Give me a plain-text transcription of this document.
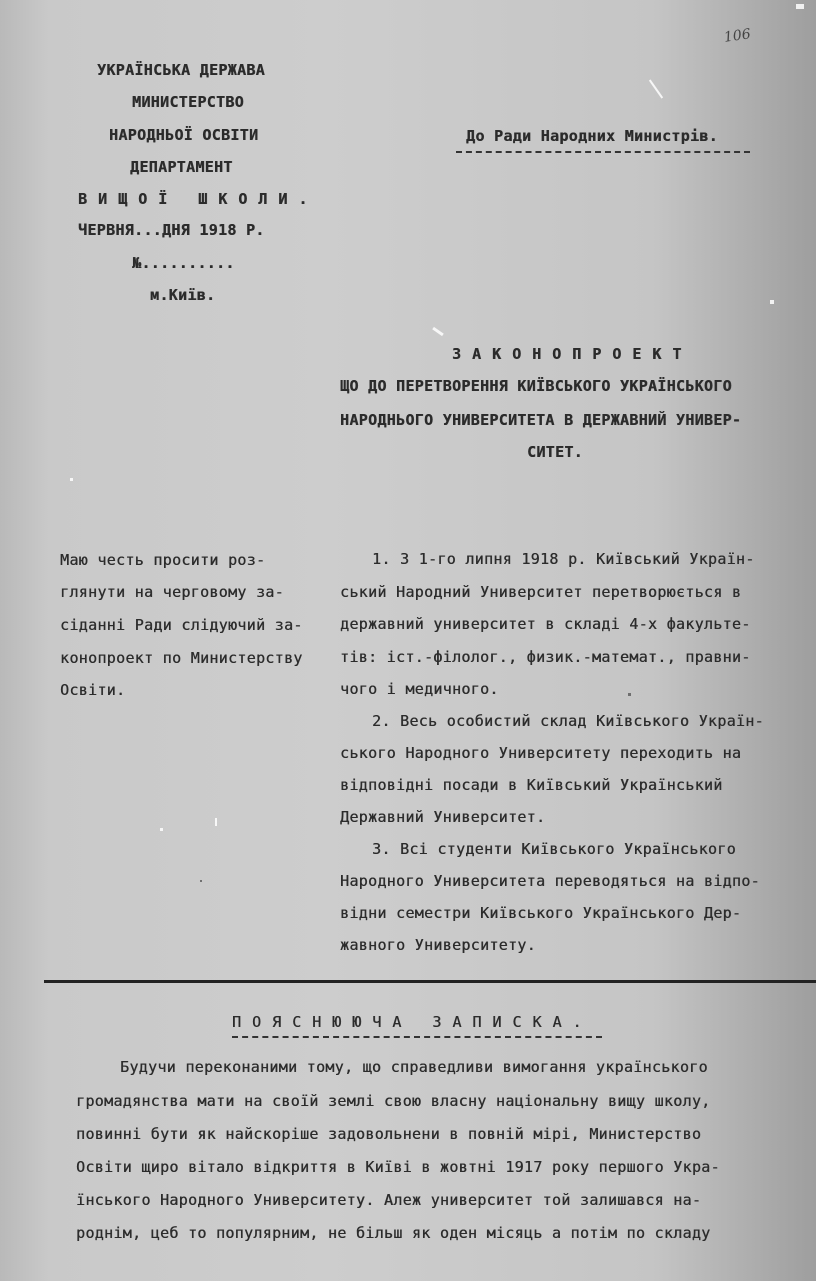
106
УКРАЇНСЬКА ДЕРЖАВА
МИНИСТЕРСТВО
НАРОДНЬОЇ ОСВІТИ
ДЕПАРТАМЕНТ
ВИЩОЇ ШКОЛИ.
ЧЕРВНЯ...ДНЯ 1918 Р.
№..........
м.Київ.
До Ради Народних Министрів.
ЗАКОНОПРОЕКТ
ЩО ДО ПЕРЕТВОРЕННЯ КИЇВСЬКОГО УКРАЇНСЬКОГО
НАРОДНЬОГО УНИВЕРСИТЕТА В ДЕРЖАВНИЙ УНИВЕР-
СИТЕТ.
Маю честь просити роз-
глянути на черговому за-
сіданні Ради слідуючий за-
конопроект по Министерству
Освіти.
1. З 1-го липня 1918 р. Київський Україн-
ський Народний Университет перетворюється в
державний университет в складі 4-х факульте-
тів: іст.-філолог., физик.-матемaт., правни-
чого і медичного.
2. Весь особистий склад Київського Україн-
ського Народного Университету переходить на
відповідні посади в Київський Український
Державний Университет.
3. Всі студенти Київського Українського
Народного Университета переводяться на відпо-
відни семестри Київського Українського Дер-
жавного Университету.
ПОЯСНЮЮЧА ЗАПИСКА.
Будучи переконаними тому, що справедливи вимогання українського
громадянства мати на своїй землі свою власну національну вищу школу,
повинні бути як найскоріше задовольнени в повній мірі, Министерство
Освіти щиро вітало відкриття в Київі в жовтні 1917 року першого Укра-
їнського Народного Университету. Алеж университет той залишався на-
роднім, цеб то популярним, не більш як оден місяць а потім по складу
